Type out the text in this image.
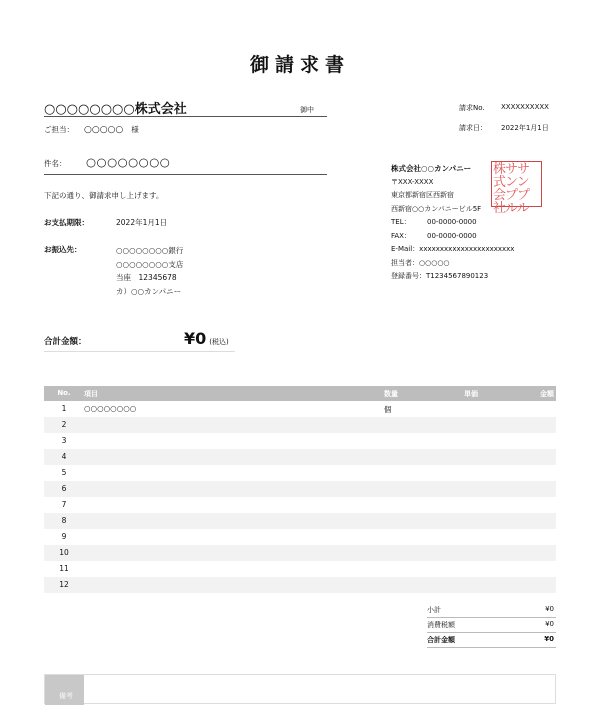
御請求書
○○○○○○○○株式会社	御中
ご担当： ○○○○○ 様
請求No. XXXXXXXXXX
請求日： 2022年1月1日
件名： ○○○○○○○○
下記の通り、御請求申し上げます。
お支払期限：	2022年1月1日
お振込先：	○○○○○○○○銀行
○○○○○○○○支店
当座　12345678
カ）○○カンパニー
株式会社○○カンパニー
〒XXX-XXXX
東京都新宿区西新宿
西新宿○○カンパニービル5F
TEL： 00-0000-0000
FAX： 00-0000-0000
E-Mail：xxxxxxxxxxxxxxxxxxxxxxx
担当者：○○○○○
登録番号：T1234567890123
株ササ
式ンン
会ププ
社ルル
合計金額：	¥0 (税込)
No.	項目	数量	単価	金額
1	○○○○○○○○	個
2
3
4
5
6
7
8
9
10
11
12
小計	¥0
消費税額	¥0
合計金額	¥0
備考
